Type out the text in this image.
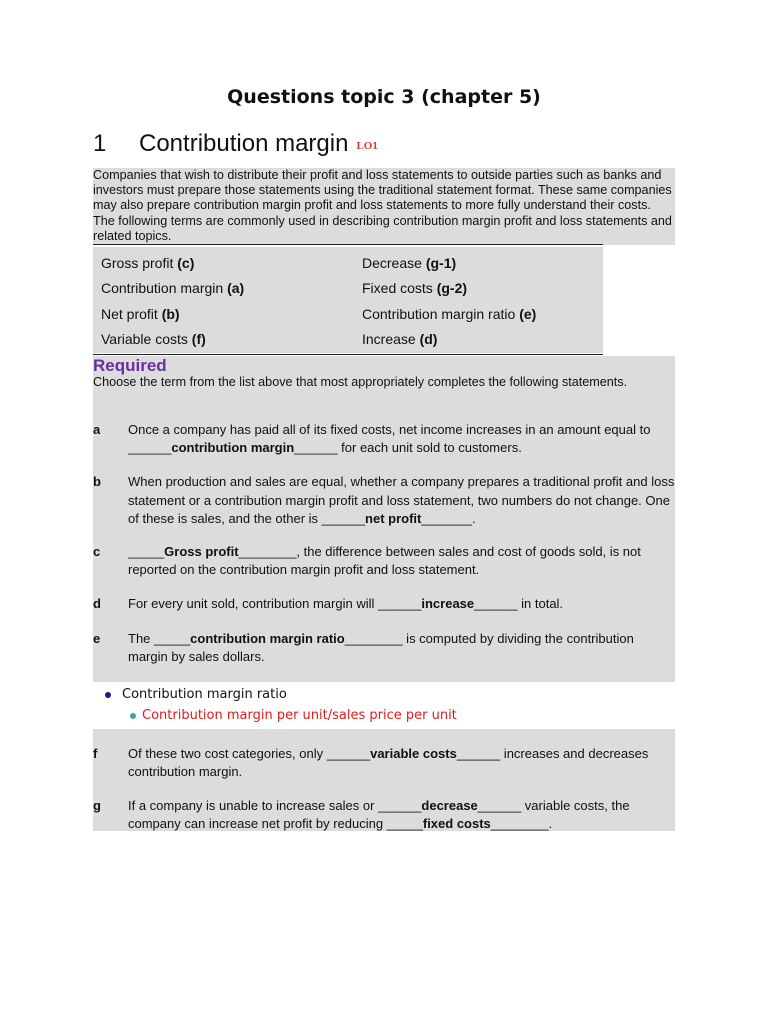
Questions topic 3 (chapter 5)
1	Contribution margin LO1
Companies that wish to distribute their profit and loss statements to outside parties such as banks and investors must prepare those statements using the traditional statement format. These same companies may also prepare contribution margin profit and loss statements to more fully understand their costs. The following terms are commonly used in describing contribution margin profit and loss statements and related topics.
Gross profit (c)	Decrease (g-1)
Contribution margin (a)	Fixed costs (g-2)
Net profit (b)	Contribution margin ratio (e)
Variable costs (f)	Increase (d)
Required
Choose the term from the list above that most appropriately completes the following statements.
a Once a company has paid all of its fixed costs, net income increases in an amount equal to ______contribution margin______ for each unit sold to customers.
b When production and sales are equal, whether a company prepares a traditional profit and loss statement or a contribution margin profit and loss statement, two numbers do not change. One of these is sales, and the other is ______net profit_______.
c _____Gross profit________, the difference between sales and cost of goods sold, is not reported on the contribution margin profit and loss statement.
d For every unit sold, contribution margin will ______increase______ in total.
e The _____contribution margin ratio________ is computed by dividing the contribution margin by sales dollars.
Contribution margin ratio
Contribution margin per unit/sales price per unit
f Of these two cost categories, only ______variable costs______ increases and decreases contribution margin.
g If a company is unable to increase sales or ______decrease______ variable costs, the company can increase net profit by reducing _____fixed costs________.
